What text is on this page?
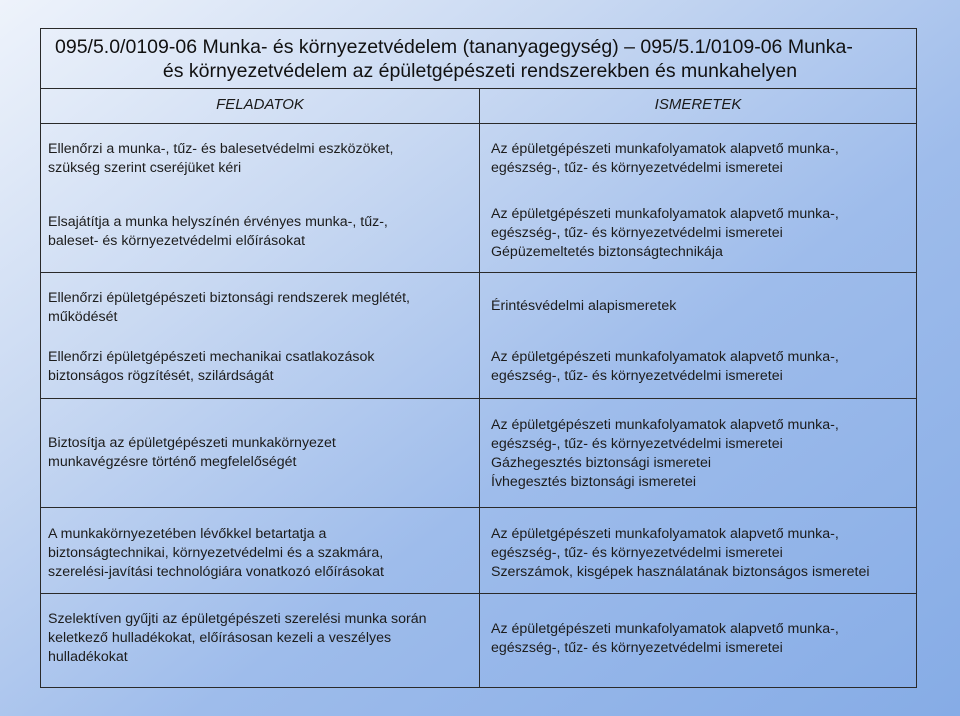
095/5.0/0109-06 Munka- és környezetvédelem (tananyagegység) – 095/5.1/0109-06 Munka-
és környezetvédelem az épületgépészeti rendszerekben és munkahelyen
FELADATOK	ISMERETEK
Ellenőrzi a munka-, tűz- és balesetvédelmi eszközöket,
szükség szerint cseréjüket kéri
Az épületgépészeti munkafolyamatok alapvető munka-,
egészség-, tűz- és környezetvédelmi ismeretei
Elsajátítja a munka helyszínén érvényes munka-, tűz-,
baleset- és környezetvédelmi előírásokat
Az épületgépészeti munkafolyamatok alapvető munka-,
egészség-, tűz- és környezetvédelmi ismeretei
Gépüzemeltetés biztonságtechnikája
Ellenőrzi épületgépészeti biztonsági rendszerek meglétét,
működését
Érintésvédelmi alapismeretek
Ellenőrzi épületgépészeti mechanikai csatlakozások
biztonságos rögzítését, szilárdságát
Az épületgépészeti munkafolyamatok alapvető munka-,
egészség-, tűz- és környezetvédelmi ismeretei
Biztosítja az épületgépészeti munkakörnyezet
munkavégzésre történő megfelelőségét
Az épületgépészeti munkafolyamatok alapvető munka-,
egészség-, tűz- és környezetvédelmi ismeretei
Gázhegesztés biztonsági ismeretei
Ívhegesztés biztonsági ismeretei
A munkakörnyezetében lévőkkel betartatja a
biztonságtechnikai, környezetvédelmi és a szakmára,
szerelési-javítási technológiára vonatkozó előírásokat
Az épületgépészeti munkafolyamatok alapvető munka-,
egészség-, tűz- és környezetvédelmi ismeretei
Szerszámok, kisgépek használatának biztonságos ismeretei
Szelektíven gyűjti az épületgépészeti szerelési munka során
keletkező hulladékokat, előírásosan kezeli a veszélyes
hulladékokat
Az épületgépészeti munkafolyamatok alapvető munka-,
egészség-, tűz- és környezetvédelmi ismeretei
